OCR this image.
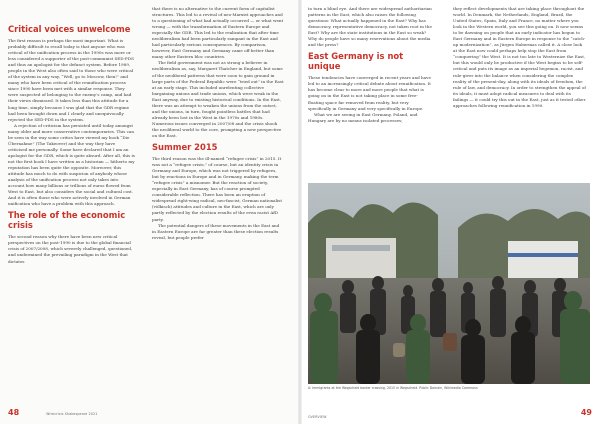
Critical voices unwelcome

The first reason is perhaps the most important. What is probably difficult to recall today is that anyone who was critical of the unification process in the 1990s was more or less considered a supporter of the post-communist SED-PDS and thus an apologist for the defunct system. Before 1989, people in the West also often said to those who were critical of the system in any way, “Well, go to Moscow, then!” and many who have been critical of the reunification process since 1990 have been met with a similar response. They were suspected of belonging to the enemy’s camp, and had their views dismissed. It takes less than this attitude for a long time, simply because I was glad that the GDR regime had been brought down and I clearly and unequivocally rejected the SED-PDS in the system.

A rejection of criticism has persisted until today amongst many older and more conservative contemporaries. This can be seen in the way some critics have viewed my book “Die Übernahme” (The Takeover) and the way they have criticised me personally. Some have declared that I am an apologist for the GDR, which is quite absurd. After all, this is not the first book I have written as a historian — hitherto my reputation has been quite the opposite. Moreover, this attitude has much to do with suspicion of anybody whose analysis of the unification process not only takes into account how many billions or trillions of euros flowed from West to East, but also considers the social and cultural cost. And it is often those who were actively involved in German unification who have a problem with this approach.

The role of the economic crisis

The second reason why there have been new critical perspectives on the post-1990 is due to the global financial crisis of 2007/2008, which severely challenged, questioned, and undermined the prevailing paradigm in the West that dictates

that there is no alternative to the current form of capitalist structures. This led to a revival of neo-Marxist approaches and to a questioning of what had actually occurred — or what went wrong — with the transformation of Eastern Europe and especially the GDR. This led to the realization that after time neoliberalism had been particularly rampant in the East and had particularly serious consequences. By comparison, however, East Germany and Germany came off better than many other Eastern bloc countries.

The field government was not as strong a believer in neoliberalism as, say, Margaret Thatcher in England, but some of the neoliberal patterns that were soon to gain ground in large parts of the Federal Republic were “tried out” in the East at an early stage. This included unrelenting collective bargaining unions and trade unions, which were weak in the East anyway, due to existing historical conditions. In the East, there was an attempt to weaken the unions from the outset, and the unions, in turn, fought pointless battles that had already been lost in the West in the 1970s and 1980s. Numerous issues converged in 2007/08 and the crisis shook the neoliberal world to the core, prompting a new perspective on the East.

Summer 2015

The third reason was the ill-named “refugee crisis” in 2015. It was not a “refugee crisis,” of course, but an identity crisis in Germany and Europe, which was not triggered by refugees, but by reactions in Europe and in Germany, making the term “refugee crisis” a misnomer. But the reaction of society, especially in East Germany, has of course prompted considerable reflection. There has been an eruption of widespread right-wing radical, neo-fascist, German nationalist (völkisch) attitudes and culture in the East, which are only partly reflected by the election results of the even racist AfD party.

The potential dangers of these movements in the East and in Eastern Europe are far greater than these election results reveal, but people prefer

to turn a blind eye. And there are widespread authoritarian patterns in the East, which also raises the following questions: What actually happened in the East? Why has democracy, representative democracy, not taken root in the East? Why are the state institutions in the East so weak? Why do people have so many reservations about the media and the press?

East Germany is not unique

These tendencies have converged in recent years and have led to an increasingly critical debate about reunification. It has become clear to more and more people that what is going on in the East is not taking place in some free-floating space far removed from reality, but very specifically in Germany and very specifically in Europe.

What we are seeing in East Germany, Poland, and Hungary are by no means isolated processes;

they reflect developments that are taking place throughout the world. In Denmark, the Netherlands, England, Brazil, the United States, Spain, Italy and France, no matter where you look in the Western world, you see this going on. It now seems to be dawning on people that an early indicator has begun to East Germany and in Eastern Europe in response to the “catch-up modernization”, as Jürgen Habermas called it. A close look at the East now could perhaps help stop the East from “conquering” the West. It is not too late to Westernize the East, but this would only be productive if the West begins to be self-critical and puts its image as an imperial hegemon, racist, and rule-giver into the balance when considering the complex reality of the present-day, along with its ideals of freedom, the rule of law, and democracy. In order to strengthen the appeal of its ideals, it must adopt radical measures to deal with its failings — it could try this out in the East, just as it tested other approaches following reunification in 1990.

A: Immigrants at the Wegscheid border crossing, 2015 in Wegscheid. Public Domain, Wikimedia Commons
48	Wirecrisis Shakespeare 2021
OVERVIEW	49
